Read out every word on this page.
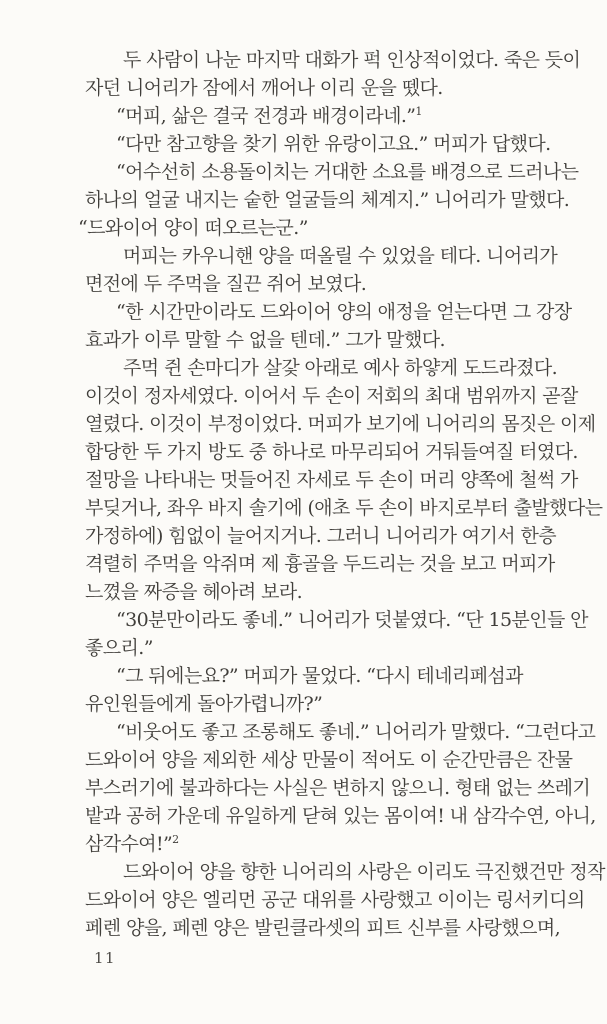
두 사람이 나눈 마지막 대화가 퍽 인상적이었다. 죽은 듯이
자던 니어리가 잠에서 깨어나 이리 운을 뗐다.
“머피, 삶은 결국 전경과 배경이라네.”$^1$
“다만 참고향을 찾기 위한 유랑이고요.” 머피가 답했다.
“어수선히 소용돌이치는 거대한 소요를 배경으로 드러나는
하나의 얼굴 내지는 숱한 얼굴들의 체계지.” 니어리가 말했다.
“드와이어 양이 떠오르는군.”
머피는 카우니핸 양을 떠올릴 수 있었을 테다. 니어리가
면전에 두 주먹을 질끈 쥐어 보였다.
“한 시간만이라도 드와이어 양의 애정을 얻는다면 그 강장
효과가 이루 말할 수 없을 텐데.” 그가 말했다.
주먹 쥔 손마디가 살갗 아래로 예사 하얗게 도드라졌다.
이것이 정자세였다. 이어서 두 손이 저회의 최대 범위까지 곧잘
열렸다. 이것이 부정이었다. 머피가 보기에 니어리의 몸짓은 이제
합당한 두 가지 방도 중 하나로 마무리되어 거둬들여질 터였다.
절망을 나타내는 멋들어진 자세로 두 손이 머리 양쪽에 철썩 가
부딪거나, 좌우 바지 솔기에 (애초 두 손이 바지로부터 출발했다는
가정하에) 힘없이 늘어지거나. 그러니 니어리가 여기서 한층
격렬히 주먹을 악쥐며 제 흉골을 두드리는 것을 보고 머피가
느꼈을 짜증을 헤아려 보라.
“30분만이라도 좋네.” 니어리가 덧붙였다. “단 15분인들 안
좋으리.”
“그 뒤에는요?” 머피가 물었다. “다시 테네리페섬과
유인원들에게 돌아가렵니까?”
“비웃어도 좋고 조롱해도 좋네.” 니어리가 말했다. “그런다고
드와이어 양을 제외한 세상 만물이 적어도 이 순간만큼은 잔물
부스러기에 불과하다는 사실은 변하지 않으니. 형태 없는 쓰레기
밭과 공허 가운데 유일하게 닫혀 있는 몸이여! 내 삼각수연, 아니,
삼각수여!”$^2$
드와이어 양을 향한 니어리의 사랑은 이리도 극진했건만 정작
드와이어 양은 엘리먼 공군 대위를 사랑했고 이이는 링서키디의
페렌 양을, 페렌 양은 발린클라셋의 피트 신부를 사랑했으며,
11
